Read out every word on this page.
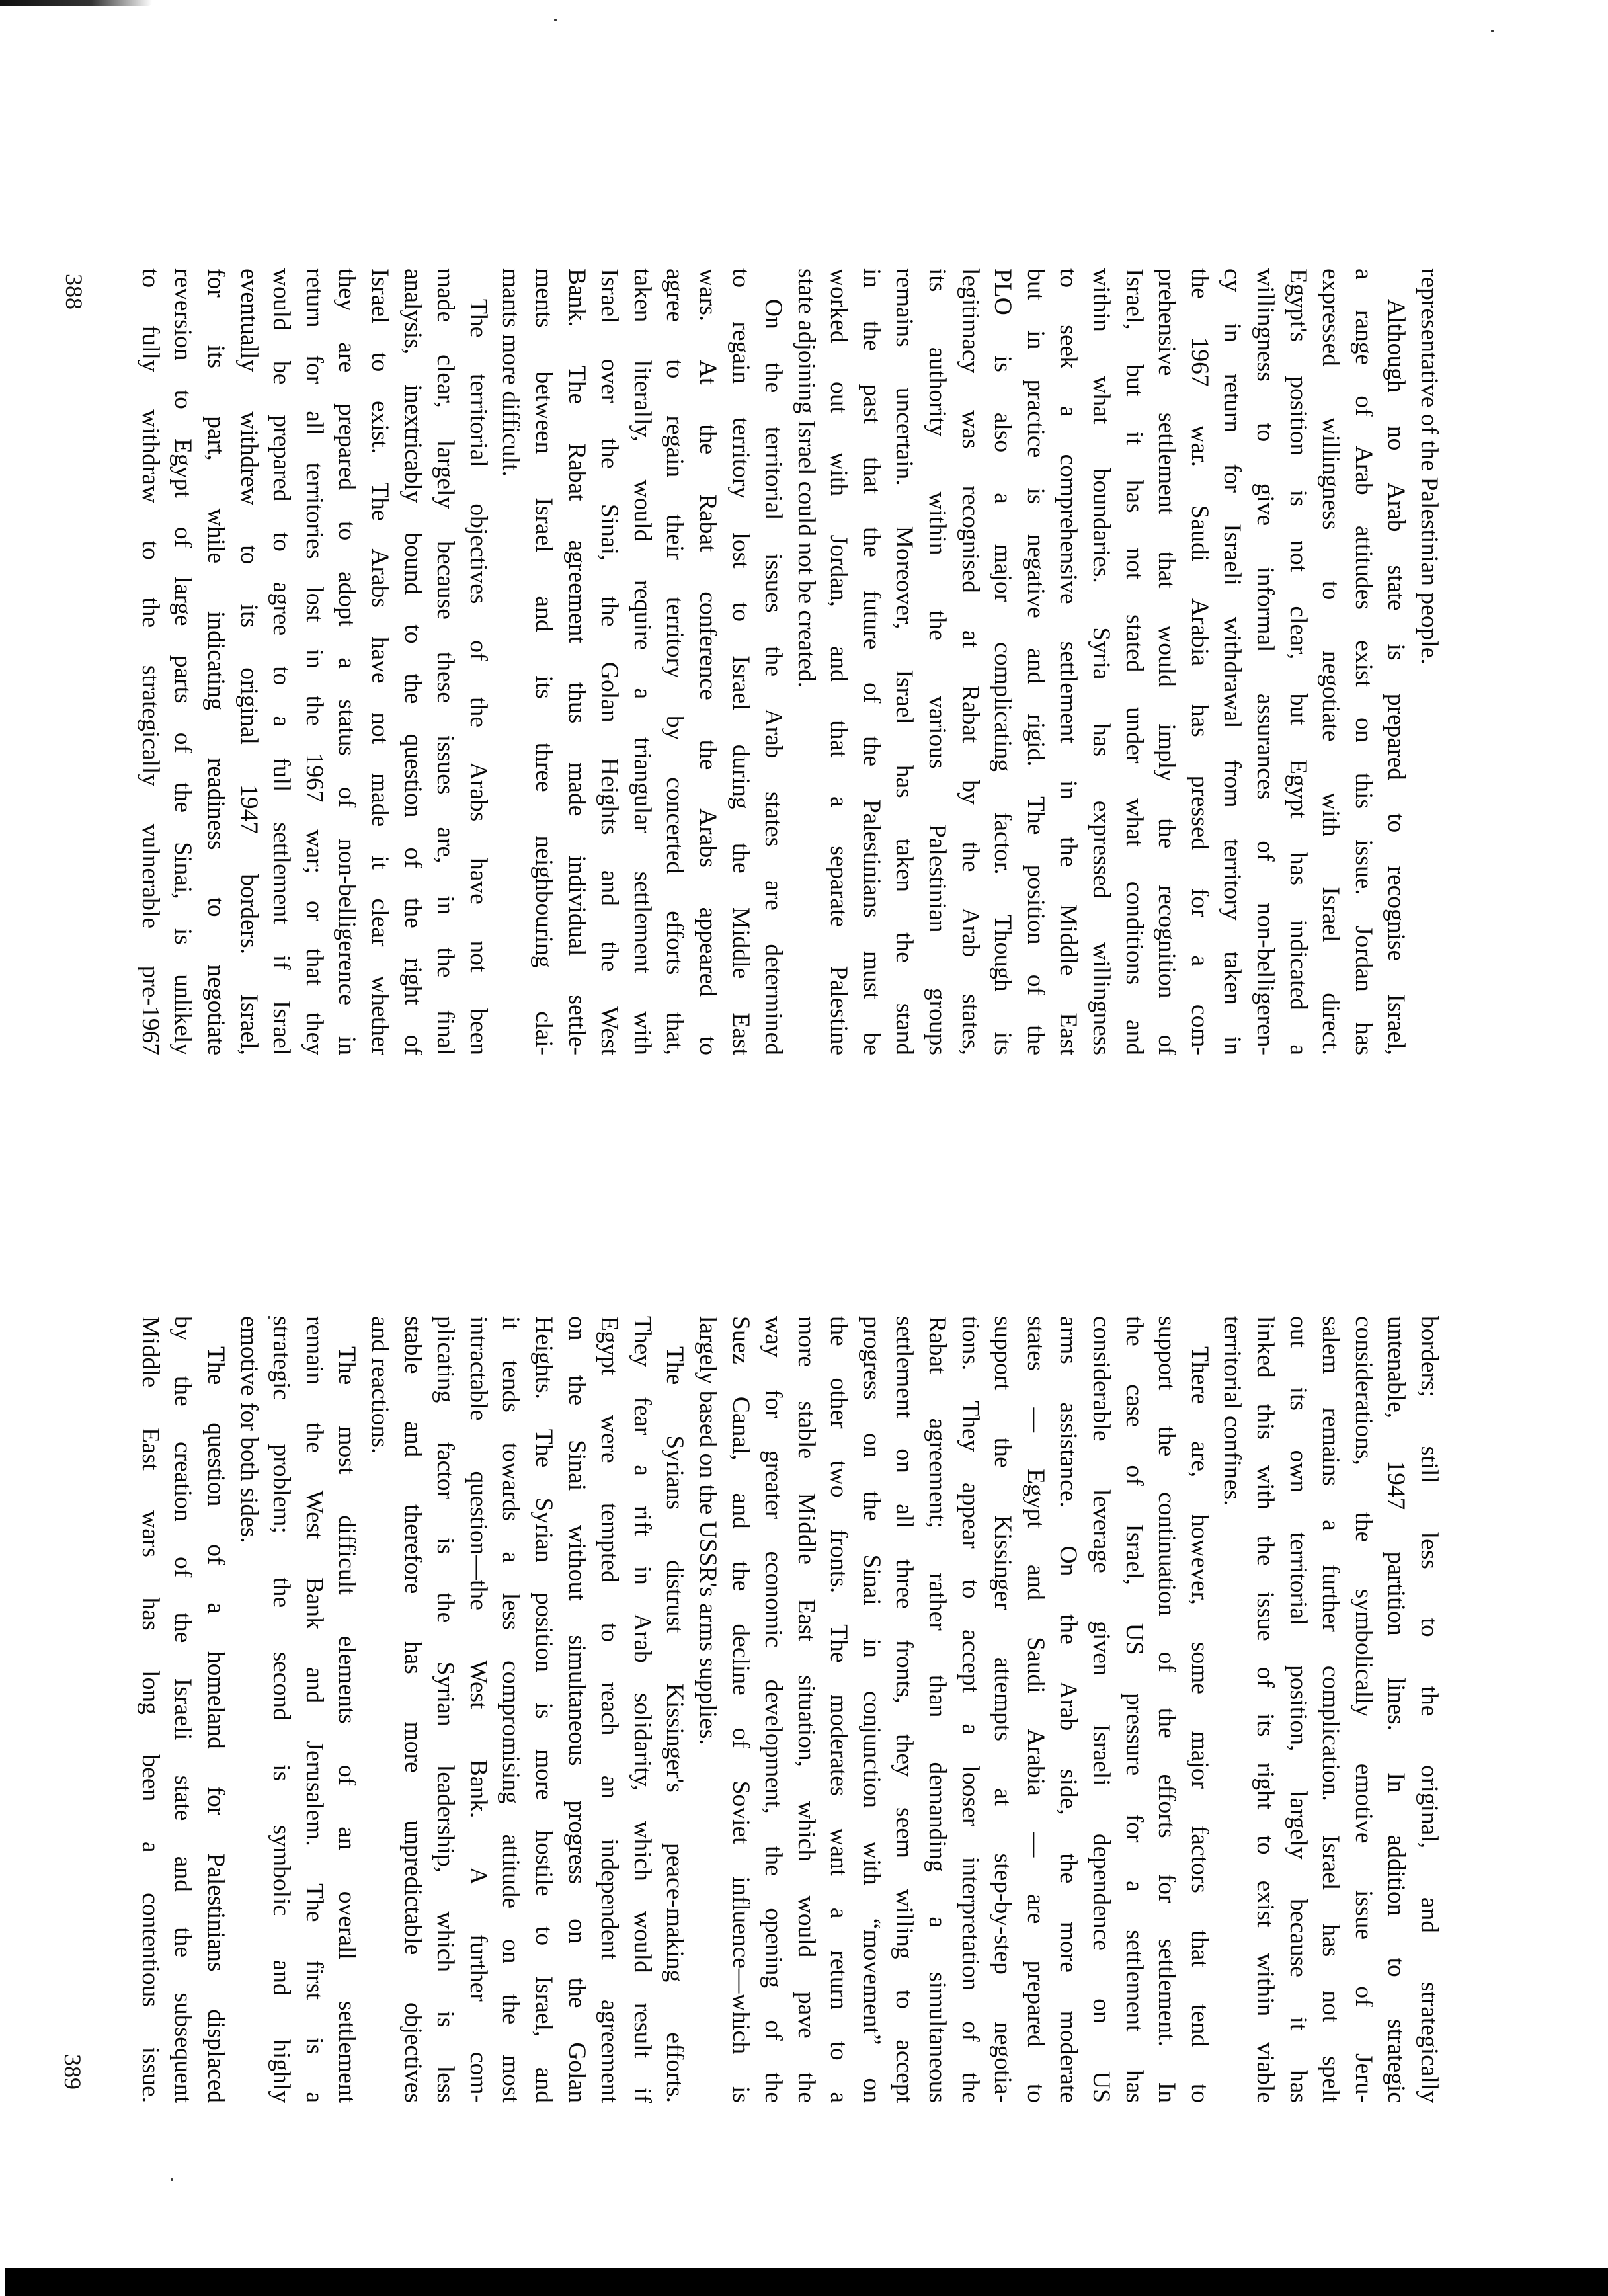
representative of the Palestinian people.
Although no Arab state is prepared to recognise Israel,
a range of Arab attitudes exist on this issue. Jordan has
expressed willingness to negotiate with Israel direct.
Egypt's position is not clear, but Egypt has indicated a
willingness to give informal assurances of non-belligeren-
cy in return for Israeli withdrawal from territory taken in
the 1967 war. Saudi Arabia has pressed for a com-
prehensive settlement that would imply the recognition of
Israel, but it has not stated under what conditions and
within what boundaries. Syria has expressed willingness
to seek a comprehensive settlement in the Middle East
but in practice is negative and rigid. The position of the
PLO is also a major complicating factor. Though its
legitimacy was recognised at Rabat by the Arab states,
its authority within the various Palestinian groups
remains uncertain. Moreover, Israel has taken the stand
in the past that the future of the Palestinians must be
worked out with Jordan, and that a separate Palestine
state adjoining Israel could not be created.
On the territorial issues the Arab states are determined
to regain territory lost to Israel during the Middle East
wars. At the Rabat conference the Arabs appeared to
agree to regain their territory by concerted efforts that,
taken literally, would require a triangular settlement with
Israel over the Sinai, the Golan Heights and the West
Bank. The Rabat agreement thus made individual settle-
ments between Israel and its three neighbouring clai-
mants more difficult.
The territorial objectives of the Arabs have not been
made clear, largely because these issues are, in the final
analysis, inextricably bound to the question of the right of
Israel to exist. The Arabs have not made it clear whether
they are prepared to adopt a status of non-belligerence in
return for all territories lost in the 1967 war; or that they
would be prepared to agree to a full settlement if Israel
eventually withdrew to its original 1947 borders. Israel,
for its part, while indicating readiness to negotiate
reversion to Egypt of large parts of the Sinai, is unlikely
to fully withdraw to the strategically vulnerable pre-1967
borders; still less to the original, and strategically
untenable, 1947 partition lines. In addition to strategic
considerations, the symbolically emotive issue of Jeru-
salem remains a further complication. Israel has not spelt
out its own territorial position, largely because it has
linked this with the issue of its right to exist within viable
territorial confines.
There are, however, some major factors that tend to
support the continuation of the efforts for settlement. In
the case of Israel, US pressure for a settlement has
considerable leverage given Israeli dependence on US
arms assistance. On the Arab side, the more moderate
states — Egypt and Saudi Arabia — are prepared to
support the Kissinger attempts at step-by-step negotia-
tions. They appear to accept a looser interpretation of the
Rabat agreement; rather than demanding a simultaneous
settlement on all three fronts, they seem willing to accept
progress on the Sinai in conjunction with “movement” on
the other two fronts. The moderates want a return to a
more stable Middle East situation, which would pave the
way for greater economic development, the opening of the
Suez Canal, and the decline of Soviet influence—which is
largely based on the USSR's arms supplies.
The Syrians distrust Kissinger's peace-making efforts.
They fear a rift in Arab solidarity, which would result if
Egypt were tempted to reach an independent agreement
on the Sinai without simultaneous progress on the Golan
Heights. The Syrian position is more hostile to Israel, and
it tends towards a less compromising attitude on the most
intractable question—the West Bank. A further com-
plicating factor is the Syrian leadership, which is less
stable and therefore has more unpredictable objectives
and reactions.
The most difficult elements of an overall settlement
remain the West Bank and Jerusalem. The first is a
strategic problem; the second is symbolic and highly
emotive for both sides.
The question of a homeland for Palestinians displaced
by the creation of the Israeli state and the subsequent
Middle East wars has long been a contentious issue.
388
389
